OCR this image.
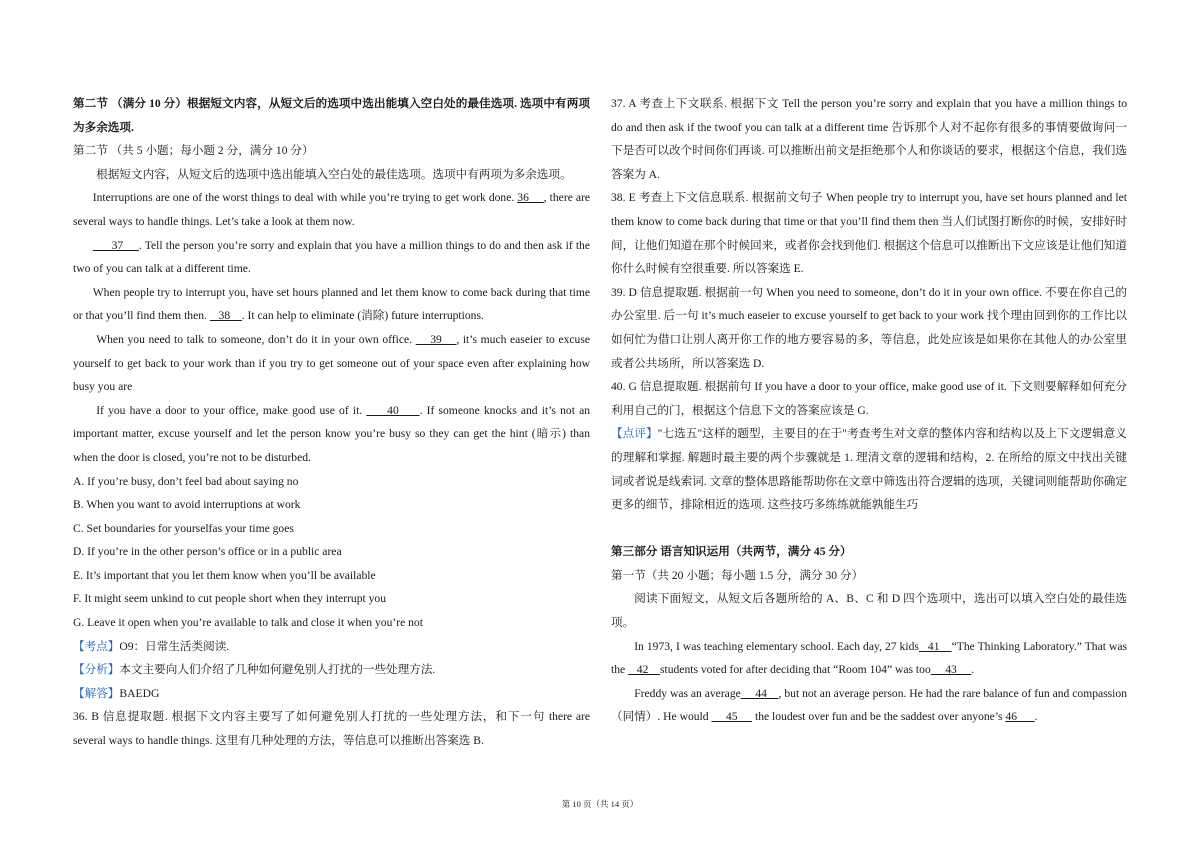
第二节 （满分 10 分）根据短文内容，从短文后的选项中选出能填入空白处的最佳选项. 选项中有两项为多余选项.

第二节 （共 5 小题；每小题 2 分，满分 10 分）

根据短文内容，从短文后的选项中选出能填入空白处的最佳选项。选项中有两项为多余选项。

Interruptions are one of the worst things to deal with while you’re trying to get work done. 36     , there are several ways to handle things. Let’s take a look at them now.

37     . Tell the person you’re sorry and explain that you have a million things to do and then ask if the two of you can talk at a different time.

When people try to interrupt you, have set hours planned and let them know to come back during that time or that you’ll find them then.    38    . It can help to eliminate (消除) future interruptions.

When you need to talk to someone, don’t do it in your own office.     39    , it’s much easeier to excuse yourself to get back to your work than if you try to get someone out of your space even after explaining how busy you are

If you have a door to your office, make good use of it.      40     . If someone knocks and it’s not an important matter, excuse yourself and let the person know you’re busy so they can get the hint (暗示) than when the door is closed, you’re not to be disturbed.

A. If you’re busy, don’t feel bad about saying no

B. When you want to avoid interruptions at work

C. Set boundaries for yourselfas your time goes

D. If you’re in the other person’s office or in a public area

E. It’s important that you let them know when you’ll be available

F. It might seem unkind to cut people short when they interrupt you

G. Leave it open when you’re available to talk and close it when you’re not

【考点】O9：日常生活类阅读.

【分析】本文主要向人们介绍了几种如何避免别人打扰的一些处理方法.

【解答】BAEDG

36. B 信息提取题. 根据下文内容主要写了如何避免别人打扰的一些处理方法，和下一句 there are several ways to handle things. 这里有几种处理的方法，等信息可以推断出答案选 B.

37. A 考查上下文联系. 根据下文 Tell the person you’re sorry and explain that you have a million things to do and then ask if the twoof you can talk at a different time 告诉那个人对不起你有很多的事情要做询问一下是否可以改个时间你们再谈. 可以推断出前文是拒绝那个人和你谈话的要求，根据这个信息，我们选答案为 A.

38. E 考查上下文信息联系. 根据前文句子 When people try to interrupt you, have set hours planned and let them know to come back during that time or that you’ll find them then 当人们试图打断你的时候，安排好时间，让他们知道在那个时候回来，或者你会找到他们. 根据这个信息可以推断出下文应该是让他们知道你什么时候有空很重要. 所以答案选 E.

39. D 信息提取题. 根据前一句 When you need to someone, don’t do it in your own office. 不要在你自己的办公室里. 后一句 it’s much easeier to excuse yourself to get back to your work 找个理由回到你的工作比以如何忙为借口让別人离开你工作的地方要容易的多，等信息，此处应该是如果你在其他人的办公室里或者公共场所，所以答案选 D.

40. G 信息提取题. 根据前句 If you have a door to your office, make good use of it. 下文则要解释如何充分利用自己的门，根据这个信息下文的答案应该是 G.

【点评】"七选五"这样的题型，主要目的在于"考查考生对文章的整体内容和结构以及上下文逻辑意义的理解和掌握. 解题时最主要的两个步骤就是 1. 理清文章的逻辑和结构，2. 在所给的原文中找出关键词或者说是线索词. 文章的整体思路能帮助你在文章中筛选出符合逻辑的选项，关键词则能帮助你确定更多的细节，排除相近的选项. 这些技巧多练练就能孰能生巧

第三部分 语言知识运用（共两节，满分 45 分）

第一节（共 20 小题；每小题 1.5 分，满分 30 分）

阅读下面短文，从短文后各题所给的 A、B、C 和 D 四个选项中，选出可以填入空白处的最佳选项。

In 1973, I was teaching elementary school. Each day, 27 kids   41    “The Thinking Laboratory.” That was the    42    students voted for after deciding that “Room 104” was too     43     .

Freddy was an average     44    , but not an average person. He had the rare balance of fun and compassion（同情）. He would      45      the loudest over fun and be the saddest over anyone’s 46      .

第 10 页（共 14 页）
